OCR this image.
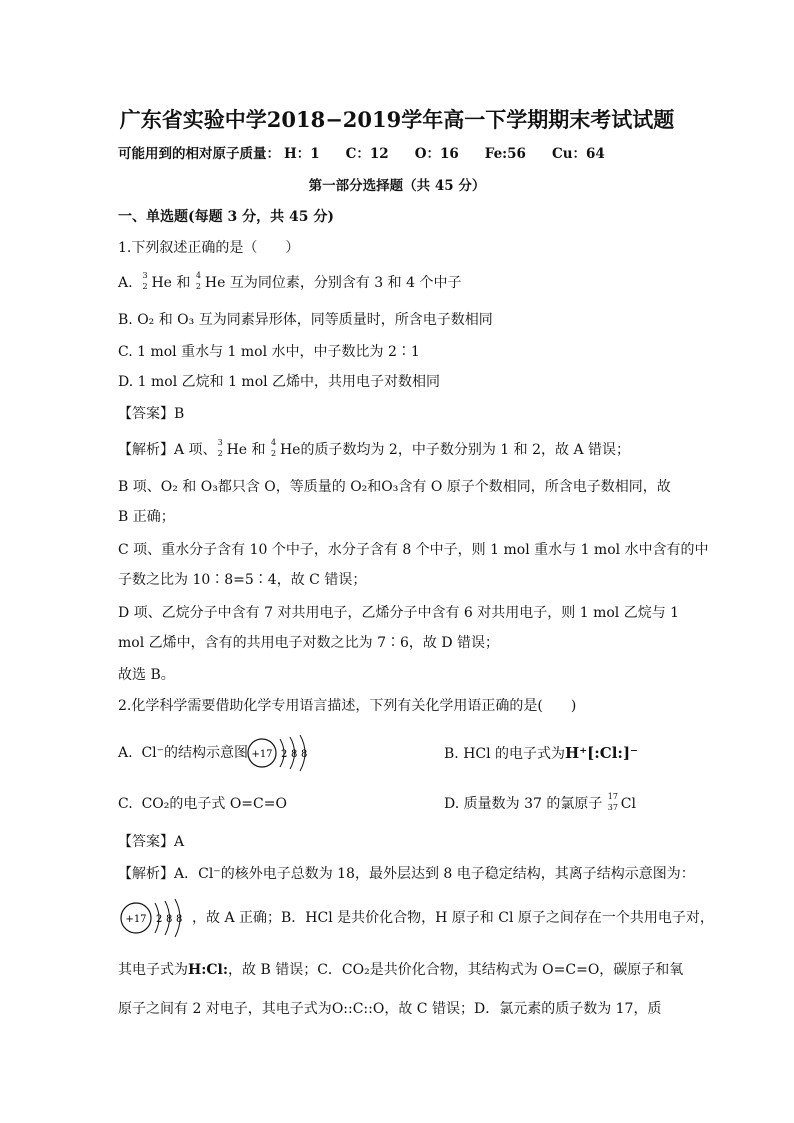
广东省实验中学2018−2019学年高一下学期期末考试试题
可能用到的相对原子质量： H：1 C：12 O：16 Fe:56 Cu：64
第一部分选择题（共 45 分）
一、单选题(每题 3 分，共 45 分)
1.下列叙述正确的是（　　）
A. 3
2 He 和 4
2 He 互为同位素，分别含有 3 和 4 个中子
B. O₂ 和 O₃ 互为同素异形体，同等质量时，所含电子数相同
C. 1 mol 重水与 1 mol 水中，中子数比为 2∶1
D. 1 mol 乙烷和 1 mol 乙烯中，共用电子对数相同
【答案】B
【解析】A 项、 3
2 He 和 4
2 He的质子数均为 2，中子数分别为 1 和 2，故 A 错误；
B 项、O₂ 和 O₃都只含 O，等质量的 O₂和O₃含有 O 原子个数相同，所含电子数相同，故
B 正确；
C 项、重水分子含有 10 个中子，水分子含有 8 个中子，则 1 mol 重水与 1 mol 水中含有的中
子数之比为 10∶8=5∶4，故 C 错误；
D 项、乙烷分子中含有 7 对共用电子，乙烯分子中含有 6 对共用电子，则 1 mol 乙烷与 1
mol 乙烯中，含有的共用电子对数之比为 7∶6，故 D 错误；
故选 B。
2.化学科学需要借助化学专用语言描述，下列有关化学用语正确的是(　　)
A. Cl⁻的结构示意图 +17 2 8 8	B. HCl 的电子式为H⁺[:Cl:]⁻
C. CO₂的电子式 O=C=O	D. 质量数为 37 的氯原子 17
37 Cl
【答案】A
【解析】A．Cl⁻的核外电子总数为 18，最外层达到 8 电子稳定结构，其离子结构示意图为：
+17 2 8 8 ，故 A 正确；B．HCl 是共价化合物，H 原子和 Cl 原子之间存在一个共用电子对，
其电子式为H:Cl:，故 B 错误；C．CO₂是共价化合物，其结构式为 O=C=O，碳原子和氧
原子之间有 2 对电子，其电子式为O::C::O，故 C 错误；D．氯元素的质子数为 17，质
